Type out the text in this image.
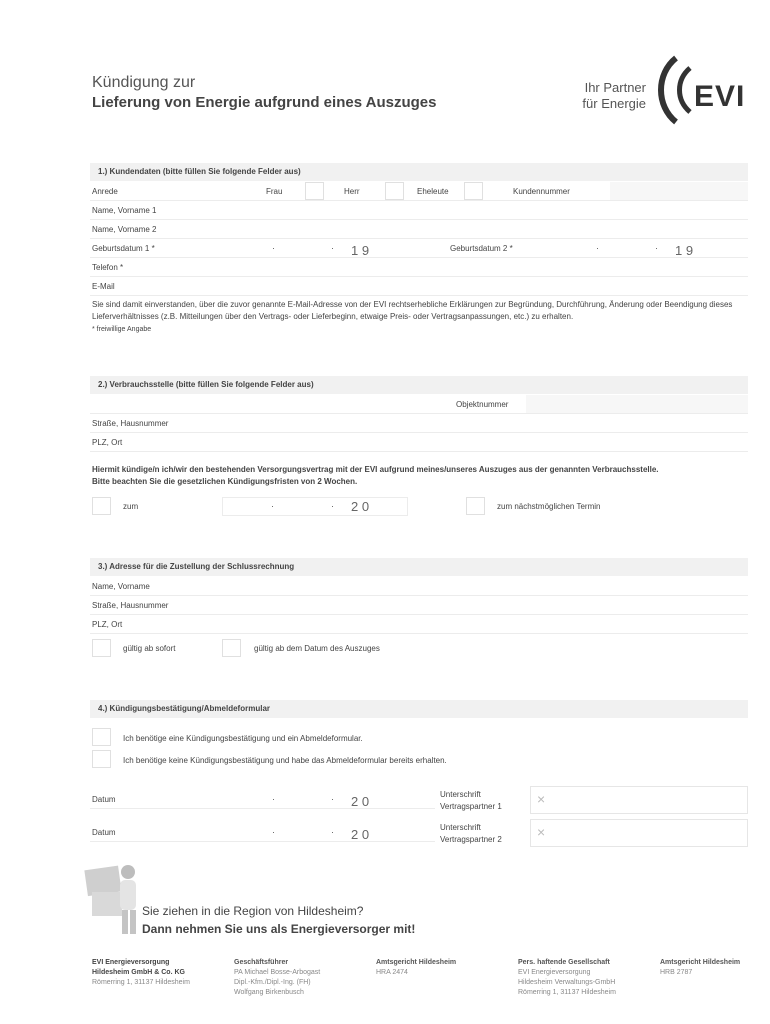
Kündigung zur
Lieferung von Energie aufgrund eines Auszuges
Ihr Partner
für Energie EVI
1.) Kundendaten (bitte füllen Sie folgende Felder aus)
Anrede	Frau	Herr	Eheleute	Kundennummer
Name, Vorname 1
Name, Vorname 2
Geburtsdatum 1 *	·	· 1 9	Geburtsdatum 2 *	·	· 1 9
Telefon *
E-Mail
Sie sind damit einverstanden, über die zuvor genannte E-Mail-Adresse von der EVI rechtserhebliche Erklärungen zur Begründung, Durchführung, Änderung oder Beendigung dieses Lieferverhältnisses (z.B. Mitteilungen über den Vertrags- oder Lieferbeginn, etwaige Preis- oder Vertragsanpassungen, etc.) zu erhalten.
* freiwillige Angabe
2.) Verbrauchsstelle (bitte füllen Sie folgende Felder aus)
Objektnummer
Straße, Hausnummer
PLZ, Ort
Hiermit kündige/n ich/wir den bestehenden Versorgungsvertrag mit der EVI aufgrund meines/unseres Auszuges aus der genannten Verbrauchsstelle.
Bitte beachten Sie die gesetzlichen Kündigungsfristen von 2 Wochen.
zum	·	· 2 0	zum nächstmöglichen Termin
3.) Adresse für die Zustellung der Schlussrechnung
Name, Vorname
Straße, Hausnummer
PLZ, Ort
gültig ab sofort	gültig ab dem Datum des Auszuges
4.) Kündigungsbestätigung/Abmeldeformular
Ich benötige eine Kündigungsbestätigung und ein Abmeldeformular.
Ich benötige keine Kündigungsbestätigung und habe das Abmeldeformular bereits erhalten.
Datum	·	· 2 0	Unterschrift
Vertragspartner 1	×
Datum	·	· 2 0	Unterschrift
Vertragspartner 2	×
Sie ziehen in die Region von Hildesheim?
Dann nehmen Sie uns als Energieversorger mit!
EVI Energieversorgung
Hildesheim GmbH & Co. KG
Römerring 1, 31137 Hildesheim
Geschäftsführer
PA Michael Bosse-Arbogast
Dipl.-Kfm./Dipl.-Ing. (FH)
Wolfgang Birkenbusch
Amtsgericht Hildesheim
HRA 2474
Pers. haftende Gesellschaft
EVI Energieversorgung
Hildesheim Verwaltungs-GmbH
Römerring 1, 31137 Hildesheim
Amtsgericht Hildesheim
HRB 2787
